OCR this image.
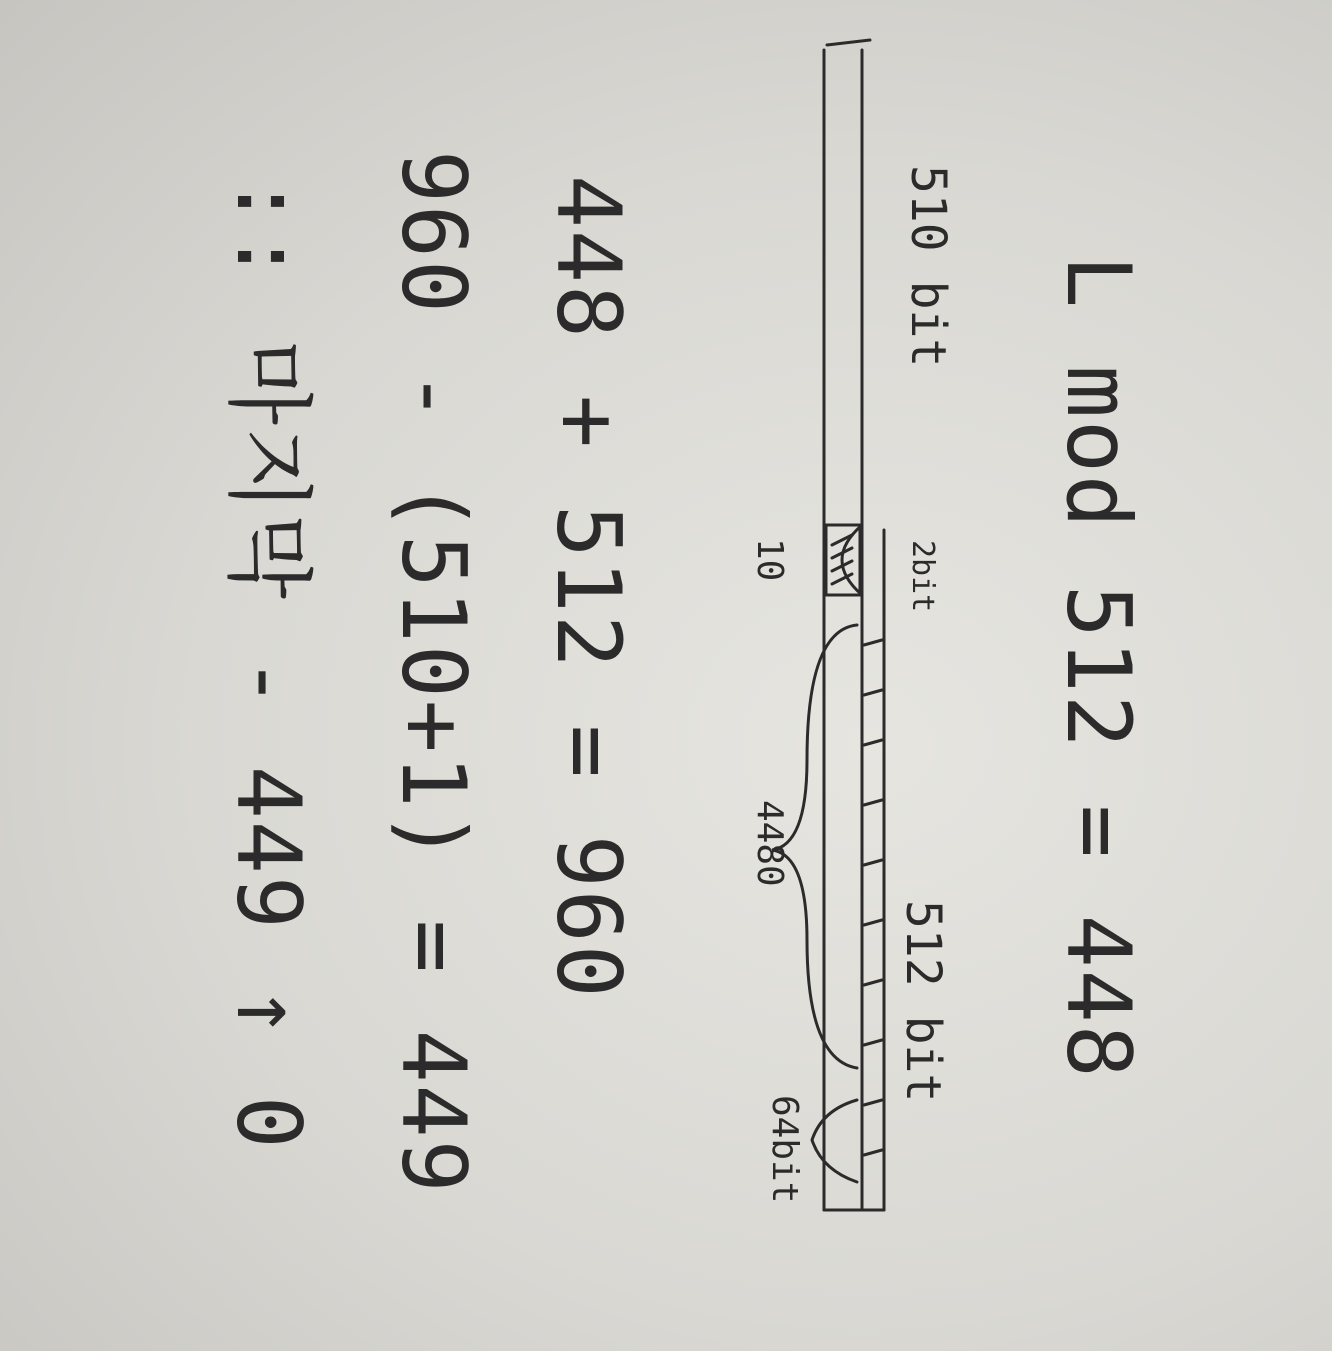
L mod 512 = 448
510 bit
2bit
512 bit
10
4480
64bit
448 + 512 = 960
960 - (510+1) = 449
:: 마지막 - 449 ↑ 0
